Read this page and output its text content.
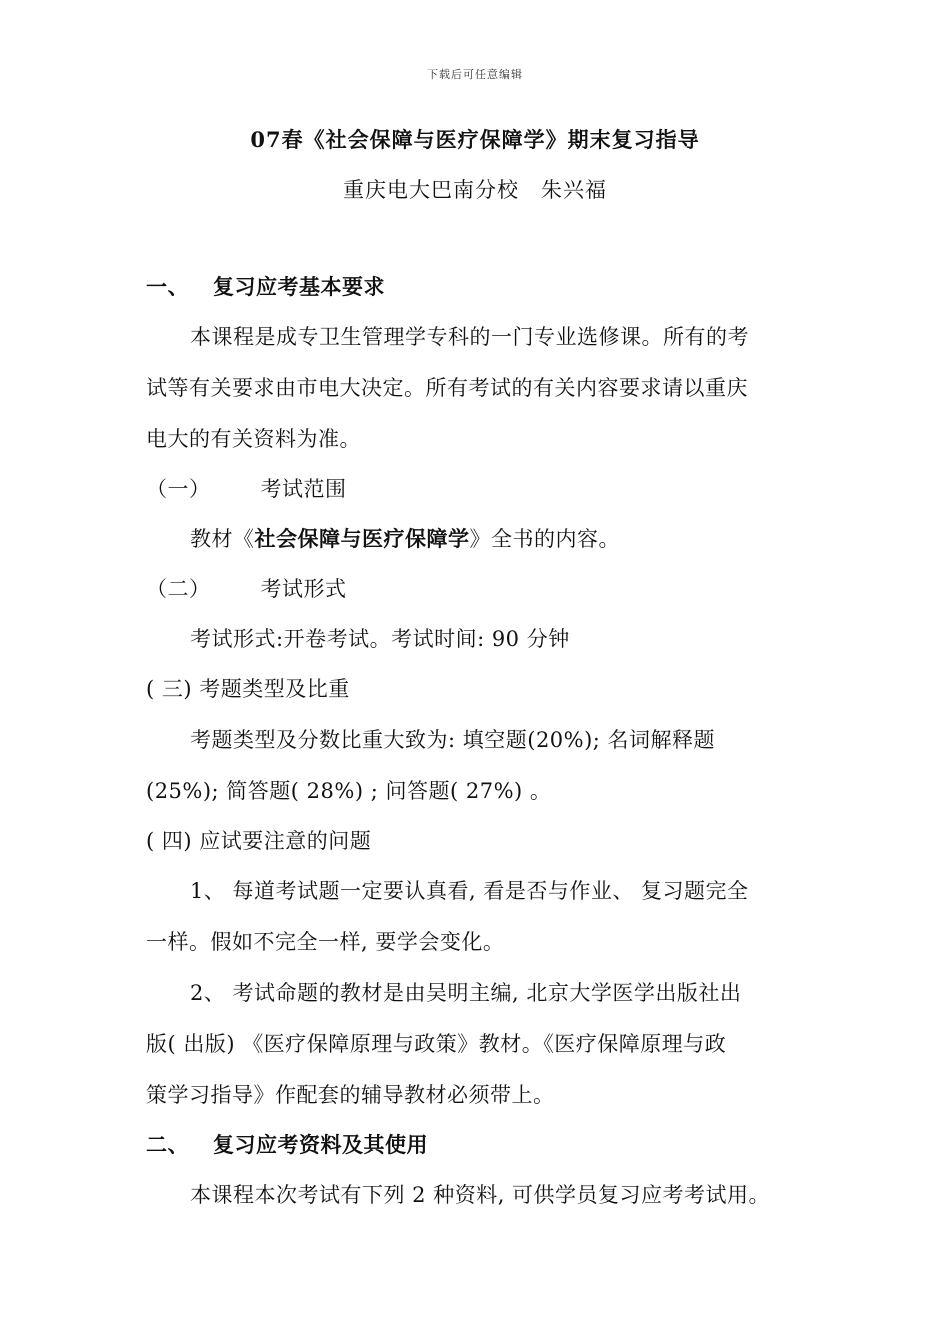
下载后可任意编辑
07春《社会保障与医疗保障学》期末复习指导
重庆电大巴南分校　朱兴福
一、 复习应考基本要求
本课程是成专卫生管理学专科的一门专业选修课。所有的考
试等有关要求由市电大决定。所有考试的有关内容要求请以重庆
电大的有关资料为准。
（一） 考试范围
教材《社会保障与医疗保障学》全书的内容。
（二） 考试形式
考试形式:开卷考试。考试时间: 90 分钟
( 三) 考题类型及比重
考题类型及分数比重大致为: 填空题(20%); 名词解释题
(25%); 简答题( 28%) ; 问答题( 27%) 。
( 四) 应试要注意的问题
1、 每道考试题一定要认真看, 看是否与作业、 复习题完全
一样。假如不完全一样, 要学会变化。
2、 考试命题的教材是由吴明主编, 北京大学医学出版社出
版( 出版) 《医疗保障原理与政策》教材。《医疗保障原理与政
策学习指导》作配套的辅导教材必须带上。
二、 复习应考资料及其使用
本课程本次考试有下列 2 种资料, 可供学员复习应考考试用。
